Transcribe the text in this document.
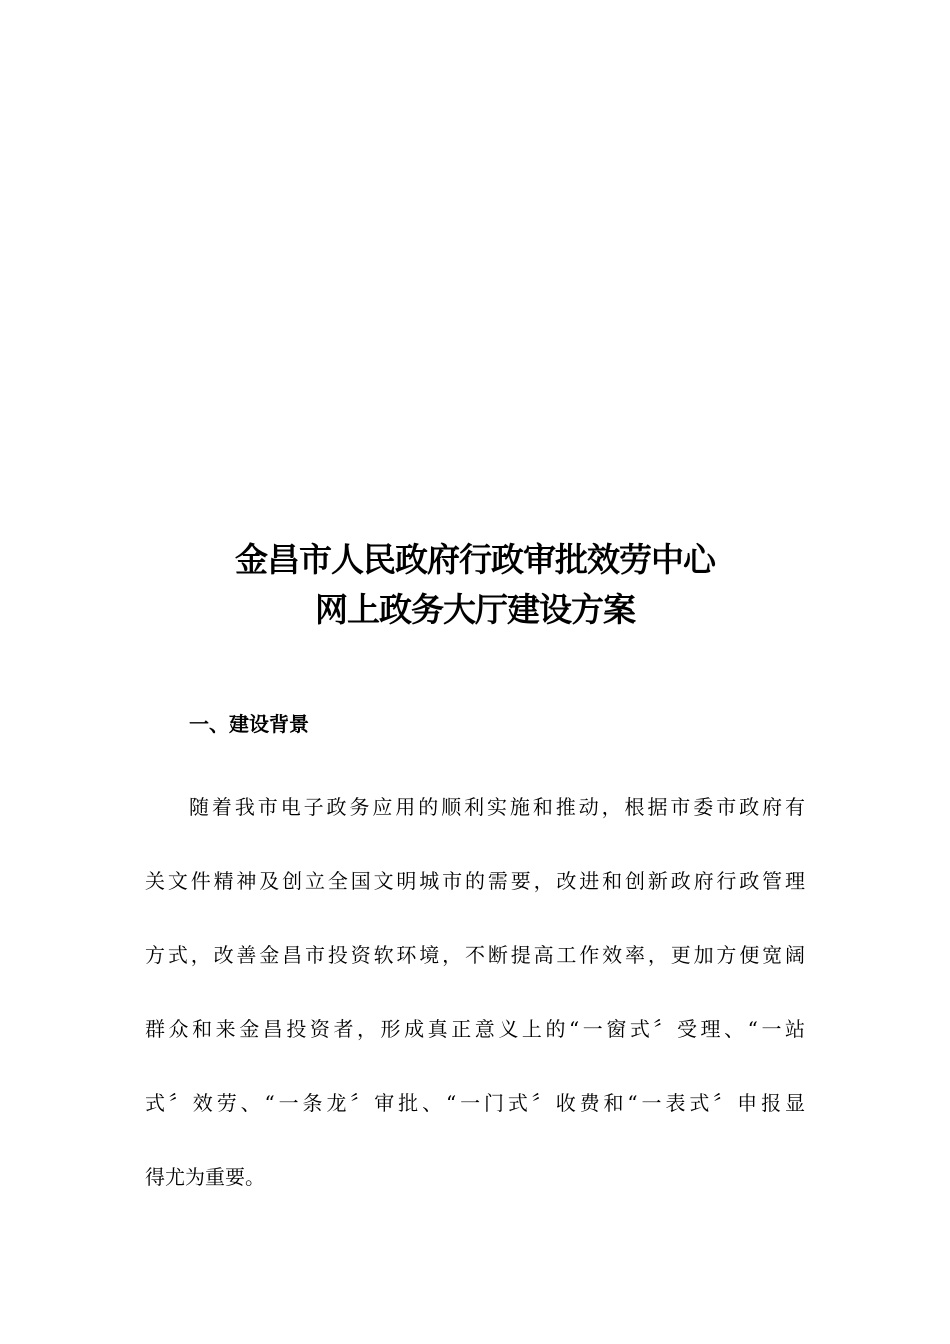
金昌市人民政府行政审批效劳中心
网上政务大厅建设方案
一、建设背景
随着我市电子政务应用的顺利实施和推动，根据市委市政府有
关文件精神及创立全国文明城市的需要，改进和创新政府行政管理
方式，改善金昌市投资软环境，不断提高工作效率，更加方便宽阔
群众和来金昌投资者，形成真正意义上的“一窗式〞受理、“一站
式〞效劳、“一条龙〞审批、“一门式〞收费和“一表式〞申报显
得尤为重要。
